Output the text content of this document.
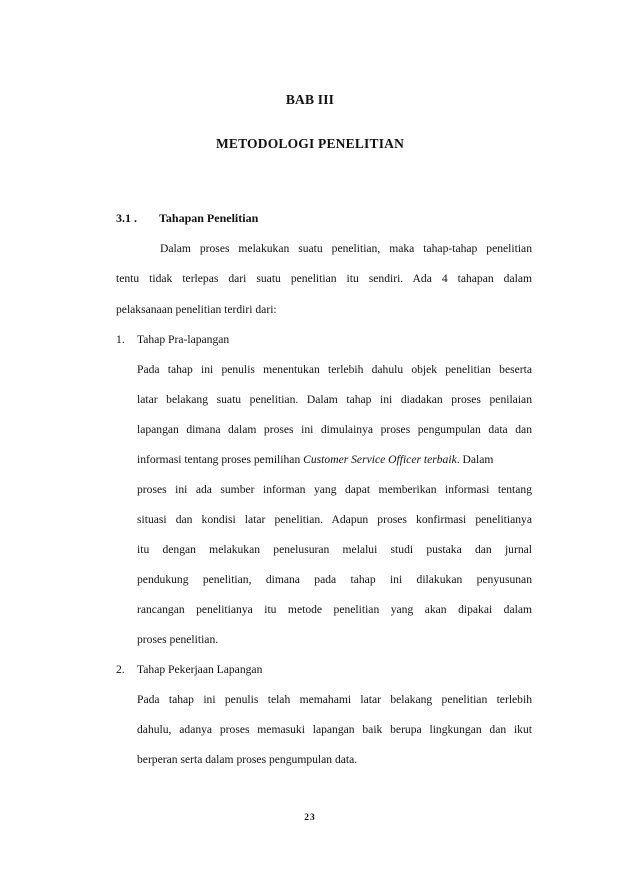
BAB III
METODOLOGI PENELITIAN
3.1 . Tahapan Penelitian
Dalam proses melakukan suatu penelitian, maka tahap-tahap penelitian
tentu tidak terlepas dari suatu penelitian itu sendiri. Ada 4 tahapan dalam
pelaksanaan penelitian terdiri dari:
1. Tahap Pra-lapangan
Pada tahap ini penulis menentukan terlebih dahulu objek penelitian beserta
latar belakang suatu penelitian. Dalam tahap ini diadakan proses penilaian
lapangan dimana dalam proses ini dimulainya proses pengumpulan data dan
informasi tentang proses pemilihan Customer Service Officer terbaik. Dalam
proses ini ada sumber informan yang dapat memberikan informasi tentang
situasi dan kondisi latar penelitian. Adapun proses konfirmasi penelitianya
itu dengan melakukan penelusuran melalui studi pustaka dan jurnal
pendukung penelitian, dimana pada tahap ini dilakukan penyusunan
rancangan penelitianya itu metode penelitian yang akan dipakai dalam
proses penelitian.
2. Tahap Pekerjaan Lapangan
Pada tahap ini penulis telah memahami latar belakang penelitian terlebih
dahulu, adanya proses memasuki lapangan baik berupa lingkungan dan ikut
berperan serta dalam proses pengumpulan data.
23
